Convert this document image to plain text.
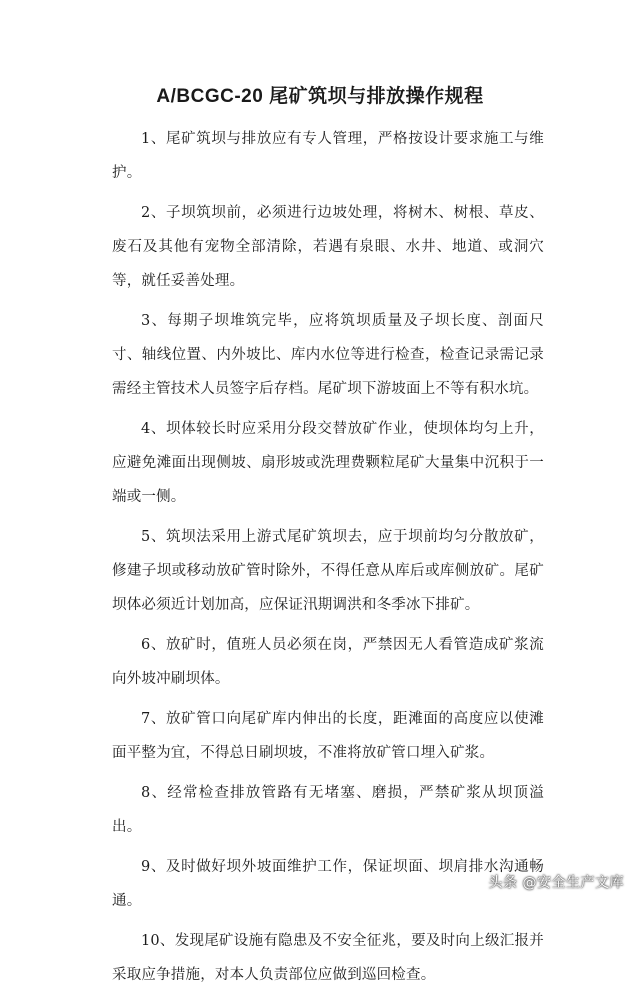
A/BCGC-20 尾矿筑坝与排放操作规程

1、尾矿筑坝与排放应有专人管理，严格按设计要求施工与维护。

2、子坝筑坝前，必须进行边坡处理，将树木、树根、草皮、废石及其他有宠物全部清除，若遇有泉眼、水井、地道、或洞穴等，就任妥善处理。

3、每期子坝堆筑完毕，应将筑坝质量及子坝长度、剖面尺寸、轴线位置、内外坡比、库内水位等进行检查，检查记录需记录需经主管技术人员签字后存档。尾矿坝下游坡面上不等有积水坑。

4、坝体较长时应采用分段交替放矿作业，使坝体均匀上升，应避免滩面出现侧坡、扇形坡或洗理费颗粒尾矿大量集中沉积于一端或一侧。

5、筑坝法采用上游式尾矿筑坝去，应于坝前均匀分散放矿，修建子坝或移动放矿管时除外，不得任意从库后或库侧放矿。尾矿坝体必须近计划加高，应保证汛期调洪和冬季冰下排矿。

6、放矿时，值班人员必须在岗，严禁因无人看管造成矿浆流向外坡冲刷坝体。

7、放矿管口向尾矿库内伸出的长度，距滩面的高度应以使滩面平整为宜，不得总日刷坝坡，不准将放矿管口埋入矿浆。

8、经常检查排放管路有无堵塞、磨损，严禁矿浆从坝顶溢出。

9、及时做好坝外坡面维护工作，保证坝面、坝肩排水沟通畅通。

10、发现尾矿设施有隐患及不安全征兆，要及时向上级汇报并采取应争措施，对本人负责部位应做到巡回检查。

头条 @安全生产文库
